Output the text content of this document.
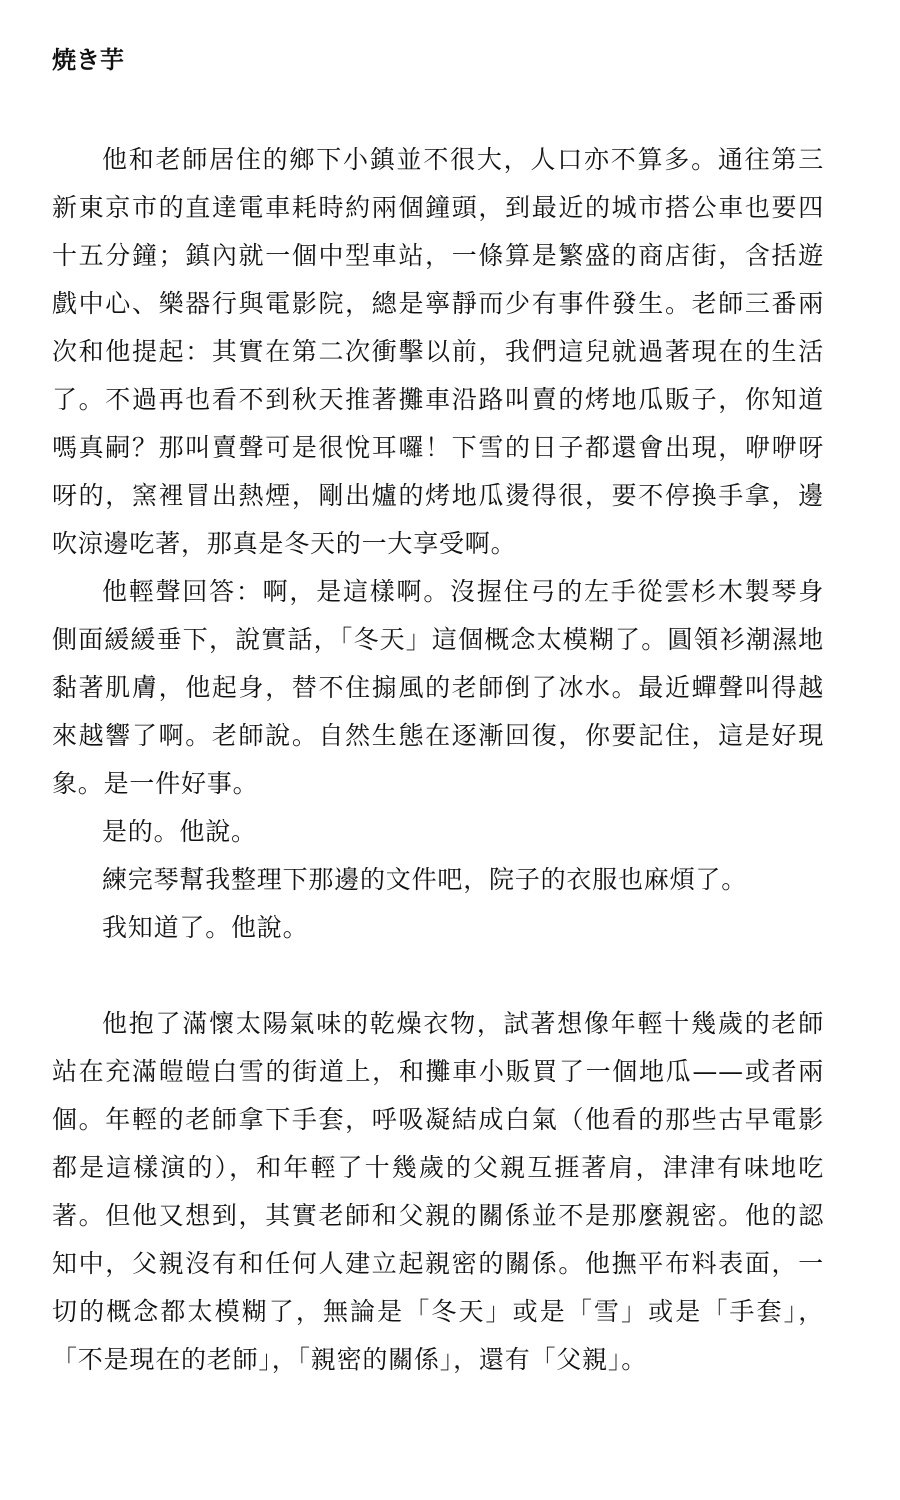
焼き芋

他和老師居住的鄉下小鎮並不很大，人口亦不算多。通往第三新東京市的直達電車耗時約兩個鐘頭，到最近的城市搭公車也要四十五分鐘；鎮內就一個中型車站，一條算是繁盛的商店街，含括遊戲中心、樂器行與電影院，總是寧靜而少有事件發生。老師三番兩次和他提起：其實在第二次衝擊以前，我們這兒就過著現在的生活了。不過再也看不到秋天推著攤車沿路叫賣的烤地瓜販子，你知道嗎真嗣？那叫賣聲可是很悅耳囉！下雪的日子都還會出現，咿咿呀呀的，窯裡冒出熱煙，剛出爐的烤地瓜燙得很，要不停換手拿，邊吹涼邊吃著，那真是冬天的一大享受啊。

他輕聲回答：啊，是這樣啊。沒握住弓的左手從雲杉木製琴身側面緩緩垂下，說實話，「冬天」這個概念太模糊了。圓領衫潮濕地黏著肌膚，他起身，替不住搧風的老師倒了冰水。最近蟬聲叫得越來越響了啊。老師說。自然生態在逐漸回復，你要記住，這是好現象。是一件好事。

是的。他說。

練完琴幫我整理下那邊的文件吧，院子的衣服也麻煩了。

我知道了。他說。

他抱了滿懷太陽氣味的乾燥衣物，試著想像年輕十幾歲的老師站在充滿皚皚白雪的街道上，和攤車小販買了一個地瓜——或者兩個。年輕的老師拿下手套，呼吸凝結成白氣（他看的那些古早電影都是這樣演的），和年輕了十幾歲的父親互捱著肩，津津有味地吃著。但他又想到，其實老師和父親的關係並不是那麼親密。他的認知中，父親沒有和任何人建立起親密的關係。他撫平布料表面，一切的概念都太模糊了，無論是「冬天」或是「雪」或是「手套」，「不是現在的老師」，「親密的關係」，還有「父親」。
